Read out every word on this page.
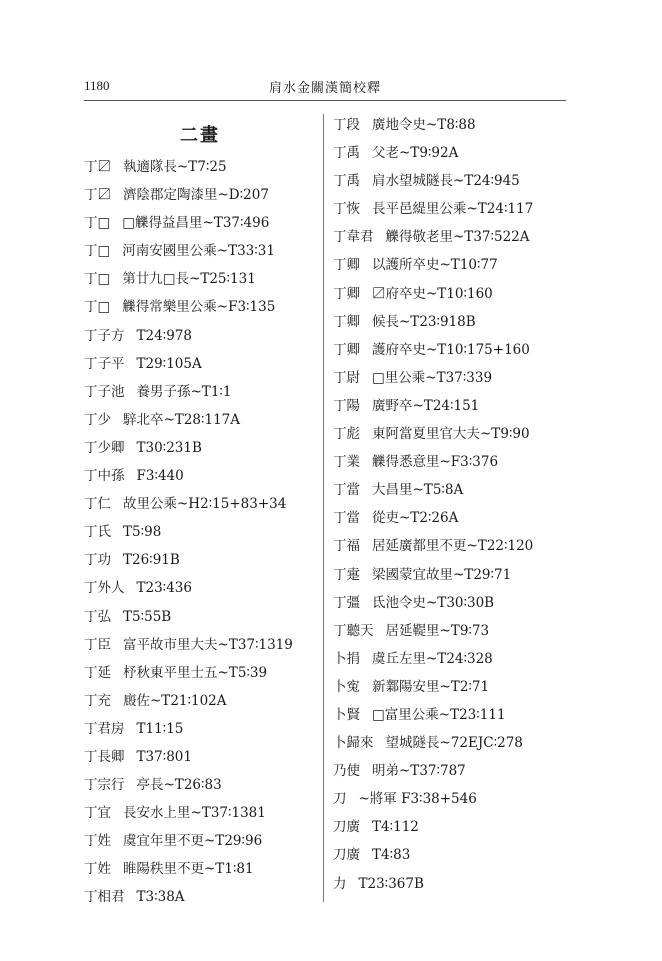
1180	肩水金關漢簡校釋
二畫
丁〼 執適隊長~T7∶25
丁〼 濟陰郡定陶漆里~D∶207
丁□ □觻得益昌里~T37∶496
丁□ 河南安國里公乘~T33∶31
丁□ 第廿九□長~T25∶131
丁□ 觻得常樂里公乘~F3∶135
丁子方 T24∶978
丁子平 T29∶105A
丁子池 養男子孫~T1∶1
丁少 騂北卒~T28∶117A
丁少卿 T30∶231B
丁中孫 F3∶440
丁仁 故里公乘~H2∶15+83+34
丁氏 T5∶98
丁功 T26∶91B
丁外人 T23∶436
丁弘 T5∶55B
丁臣 富平故市里大夫~T37∶1319
丁延 杼秋東平里士五~T5∶39
丁充 廄佐~T21∶102A
丁君房 T11∶15
丁長卿 T37∶801
丁宗行 亭長~T26∶83
丁宜 長安水上里~T37∶1381
丁姓 虞宜年里不更~T29∶96
丁姓 睢陽秩里不更~T1∶81
丁相君 T3∶38A
丁段 廣地令史~T8∶88
丁禹 父老~T9∶92A
丁禹 肩水望城隧長~T24∶945
丁恢 長平邑緹里公乘~T24∶117
丁韋君 觻得敬老里~T37∶522A
丁卿 以護所卒史~T10∶77
丁卿 〼府卒史~T10∶160
丁卿 候長~T23∶918B
丁卿 護府卒史~T10∶175+160
丁尉 □里公乘~T37∶339
丁陽 廣野卒~T24∶151
丁彪 東阿當夏里官大夫~T9∶90
丁業 觻得悉意里~F3∶376
丁當 大昌里~T5∶8A
丁當 從吏~T2∶26A
丁福 居延廣都里不更~T22∶120
丁疐 梁國蒙宜故里~T29∶71
丁彊 氐池令史~T30∶30B
丁聽天 居延鞮里~T9∶73
卜捐 虞丘左里~T24∶328
卜寃 新鄴陽安里~T2∶71
卜賢 □富里公乘~T23∶111
卜歸來 望城隧長~72EJC∶278
乃使 明弟~T37∶787
刀 ~將軍 F3∶38+546
刀廣 T4∶112
刀廣 T4∶83
力 T23∶367B
